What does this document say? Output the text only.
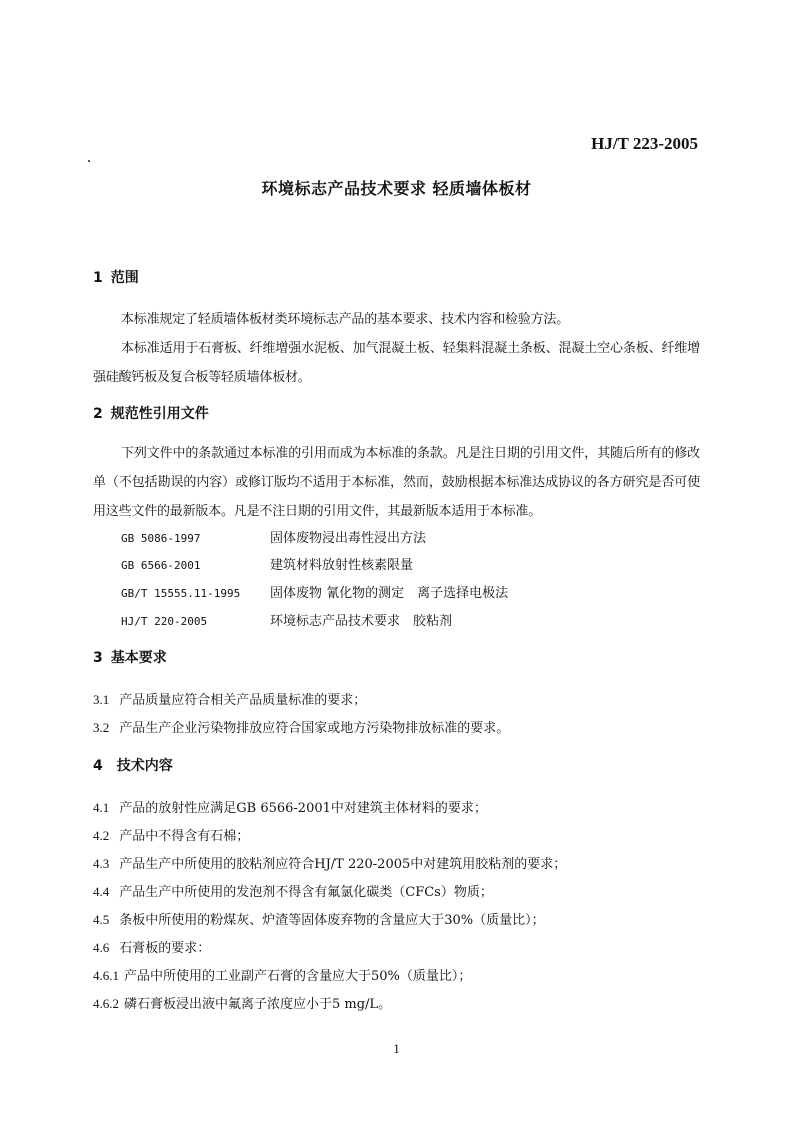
HJ/T 223-2005
环境标志产品技术要求 轻质墙体板材
1 范围
本标准规定了轻质墙体板材类环境标志产品的基本要求、技术内容和检验方法。
本标准适用于石膏板、纤维增强水泥板、加气混凝土板、轻集料混凝土条板、混凝土空心条板、纤维增强硅酸钙板及复合板等轻质墙体板材。
2 规范性引用文件
下列文件中的条款通过本标准的引用而成为本标准的条款。凡是注日期的引用文件，其随后所有的修改单（不包括勘误的内容）或修订版均不适用于本标准，然而，鼓励根据本标准达成协议的各方研究是否可使用这些文件的最新版本。凡是不注日期的引用文件，其最新版本适用于本标准。
GB 5086-1997	固体废物浸出毒性浸出方法
GB 6566-2001	建筑材料放射性核素限量
GB/T 15555.11-1995 固体废物 氰化物的测定　离子选择电极法
HJ/T 220-2005	环境标志产品技术要求　胶粘剂
3 基本要求
3.1 产品质量应符合相关产品质量标准的要求；
3.2 产品生产企业污染物排放应符合国家或地方污染物排放标准的要求。
4 技术内容
4.1 产品的放射性应满足GB 6566-2001中对建筑主体材料的要求；
4.2 产品中不得含有石棉；
4.3 产品生产中所使用的胶粘剂应符合HJ/T 220-2005中对建筑用胶粘剂的要求；
4.4 产品生产中所使用的发泡剂不得含有氟氯化碳类（CFCs）物质；
4.5 条板中所使用的粉煤灰、炉渣等固体废弃物的含量应大于30%（质量比）；
4.6 石膏板的要求：
4.6.1 产品中所使用的工业副产石膏的含量应大于50%（质量比）；
4.6.2 磷石膏板浸出液中氟离子浓度应小于5 mg/L。
1
